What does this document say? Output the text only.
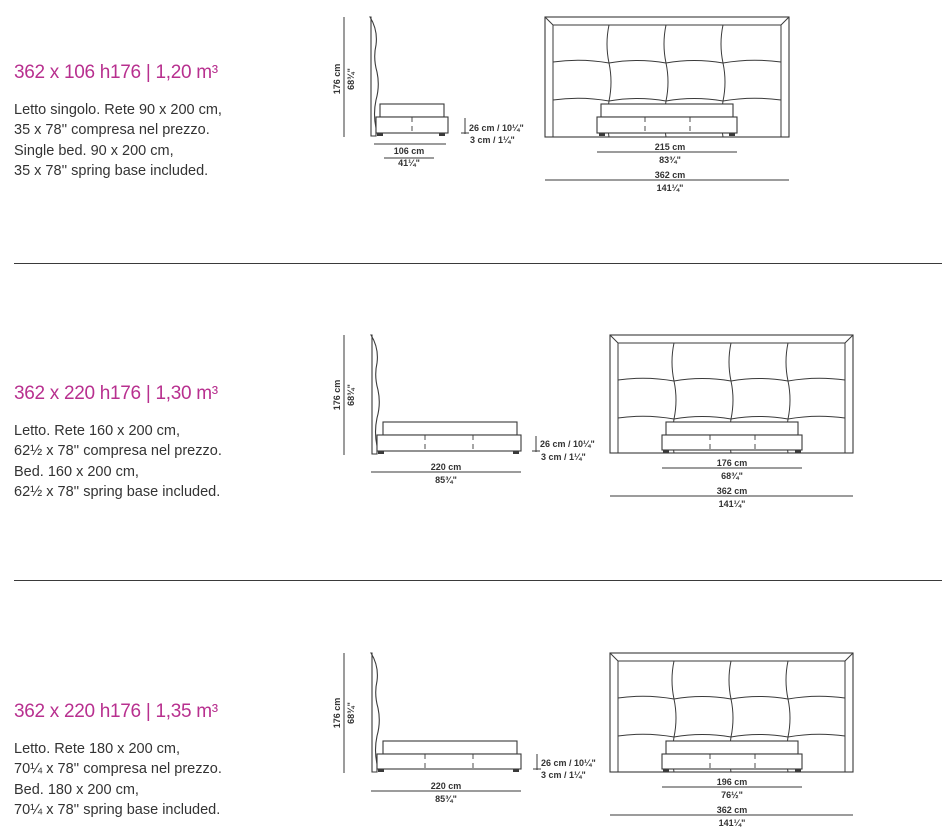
362 x 106 h176 | 1,20 m³

Letto singolo. Rete 90 x 200 cm,
35 x 78'' compresa nel prezzo.
Single bed. 90 x 200 cm,
35 x 78'' spring base included.

176 cm 68¾"
106 cm
41¼"
26 cm / 10¼"
3 cm / 1¼"
215 cm
83¾"
362 cm
141¼"
362 x 220 h176 | 1,30 m³

Letto. Rete 160 x 200 cm,
62½ x 78'' compresa nel prezzo.
Bed. 160 x 200 cm,
62½ x 78'' spring base included.

176 cm 68¾"
220 cm
85¾"
26 cm / 10¼"
3 cm / 1¼"
176 cm
68¾"
362 cm
141¼"
362 x 220 h176 | 1,35 m³

Letto. Rete 180 x 200 cm,
70¼ x 78'' compresa nel prezzo.
Bed. 180 x 200 cm,
70¼ x 78'' spring base included.

176 cm 68¾"
220 cm
85¾"
26 cm / 10¼"
3 cm / 1¼"
196 cm
76½"
362 cm
141¼"
